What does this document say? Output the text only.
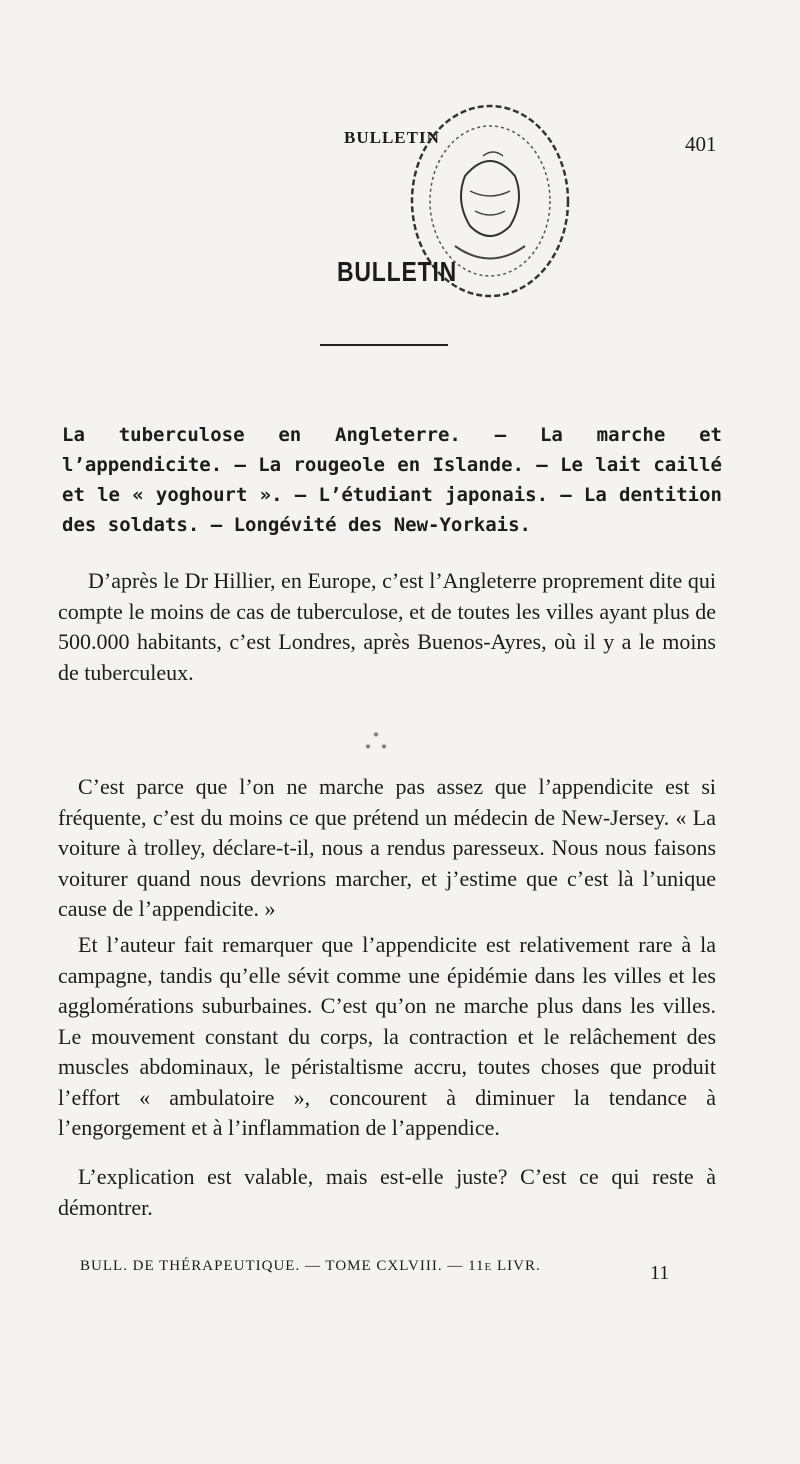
BULLETIN	401
BULLETIN
La tuberculose en Angleterre. — La marche et l’appendicite. — La rougeole en Islande. — Le lait caillé et le « yoghourt ». — L’étudiant japonais. — La dentition des soldats. — Longévité des New-Yorkais.
D’après le Dr Hillier, en Europe, c’est l’Angleterre proprement dite qui compte le moins de cas de tuberculose, et de toutes les villes ayant plus de 500.000 habitants, c’est Londres, après Buenos-Ayres, où il y a le moins de tuberculeux.
*
* *
C’est parce que l’on ne marche pas assez que l’appendicite est si fréquente, c’est du moins ce que prétend un médecin de New-Jersey. « La voiture à trolley, déclare-t-il, nous a rendus paresseux. Nous nous faisons voiturer quand nous devrions marcher, et j’estime que c’est là l’unique cause de l’appendicite. »
Et l’auteur fait remarquer que l’appendicite est relativement rare à la campagne, tandis qu’elle sévit comme une épidémie dans les villes et les agglomérations suburbaines. C’est qu’on ne marche plus dans les villes. Le mouvement constant du corps, la contraction et le relâchement des muscles abdominaux, le péristaltisme accru, toutes choses que produit l’effort « ambulatoire », concourent à diminuer la tendance à l’engorgement et à l’inflammation de l’appendice.
L’explication est valable, mais est-elle juste? C’est ce qui reste à démontrer.
BULL. DE THÉRAPEUTIQUE. — TOME CXLVIII. — 11e LIVR.	11
